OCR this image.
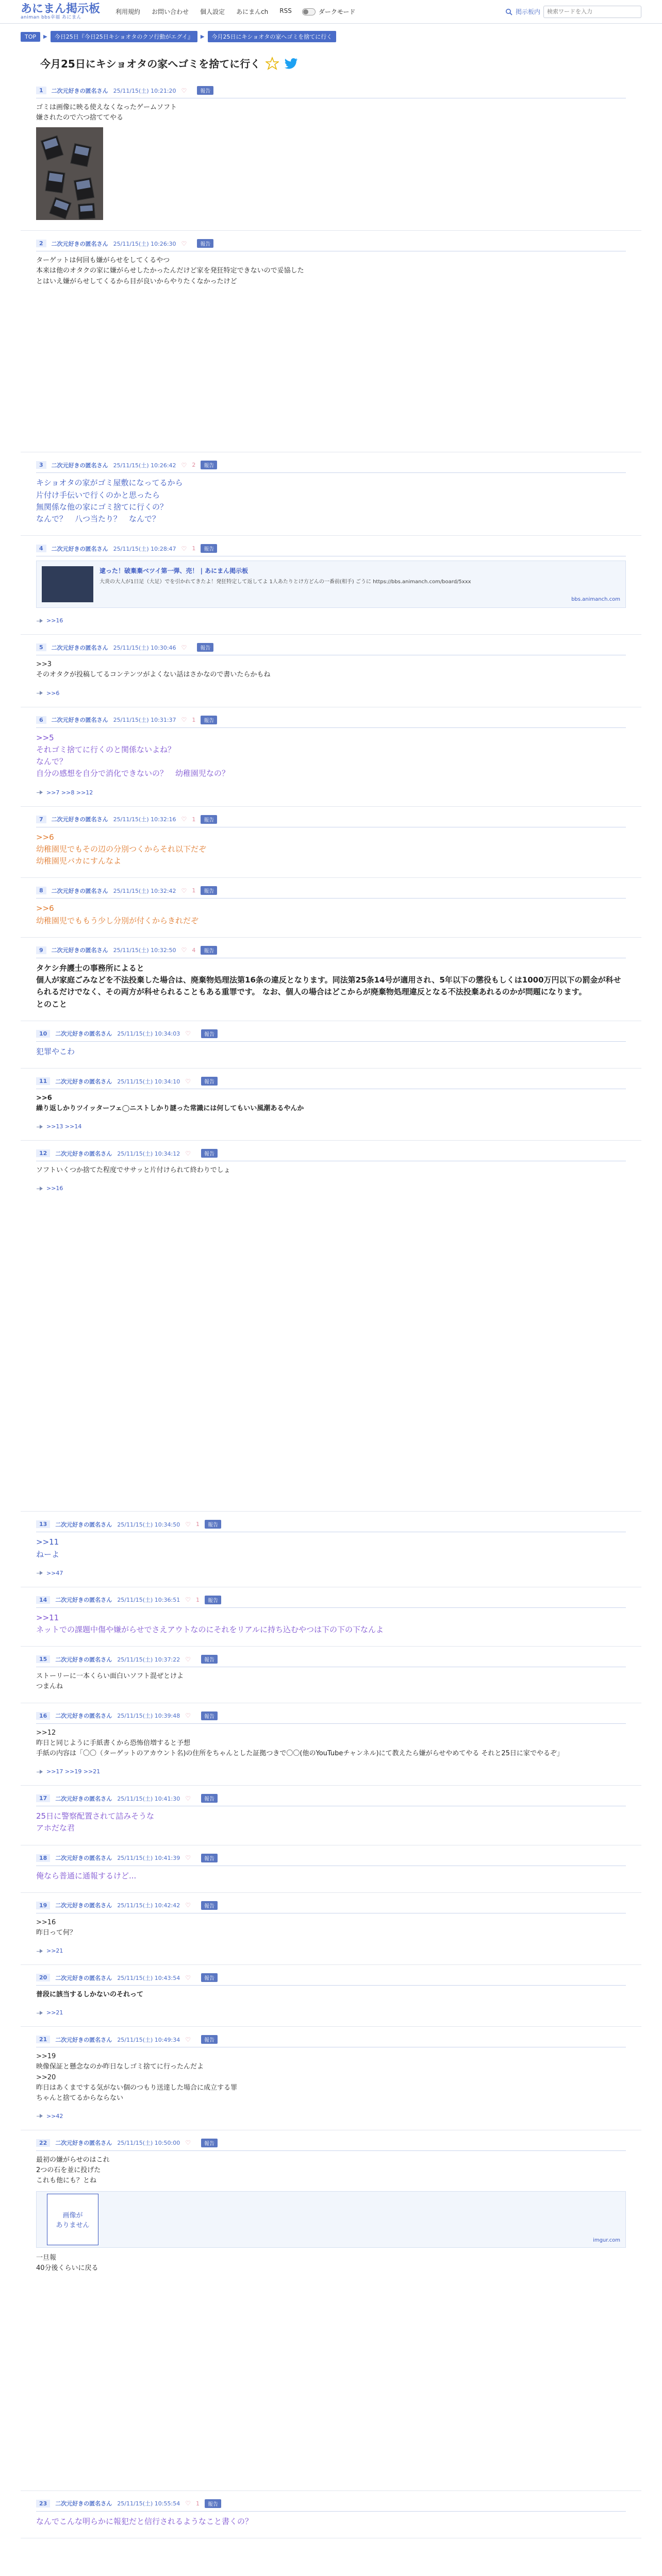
あにまん掲示板
animan bbs幸福 あにまん
利用規約 お問い合わせ 個人設定 あにまんch RSS	ダークモード	掲示板内
検索ワードを入力
TOP	▶	今日25日『今日25日キショオタのクソ行動がエグイ』	▶	今月25日にキショオタの家へゴミを捨てに行く
今月25日にキショオタの家へゴミを捨てに行く
1	二次元好きの匿名さん 25/11/15(土) 10:21:20 ♡	報告
ゴミは画像に映る使えなくなったゲームソフト
嫌されたので六つ捨ててやる
2	二次元好きの匿名さん 25/11/15(土) 10:26:30 ♡	報告
ターゲットは何回も嫌がらせをしてくるやつ
本来は他のオタクの家に嫌がらせしたかったんだけど家を発狂特定できないので妥協した
とはいえ嫌がらせしてくるから目が良いからやりたくなかったけど
3	二次元好きの匿名さん 25/11/15(土) 10:26:42 ♡ 2	報告
キショオタの家がゴミ屋敷になってるから
片付け手伝いで行くのかと思ったら
無関係な他の家にゴミ捨てに行くの？
なんで？　八つ当たり？　なんで？
4	二次元好きの匿名さん 25/11/15(土) 10:28:47 ♡ 1	報告
逮った！破棄棄ベツイ第一弾、売！ | あにまん掲示板
大炎の大人が1日足（大足）でを引かれてきたよ！発狂特定して返してよ 1人あたりとけ方どんの一番前(相手) ごうに https://bbs.animanch.com/board/5xxx
bbs.animanch.com
>>16
5	二次元好きの匿名さん 25/11/15(土) 10:30:46 ♡	報告
>>3
そのオタクが投稿してるコンテンツがよくない話はさかなので書いたらかもね
>>6
6	二次元好きの匿名さん 25/11/15(土) 10:31:37 ♡ 1	報告
>>5
それゴミ捨てに行くのと関係ないよね？
なんで？
自分の感想を自分で消化できないの？　幼稚園児なの？
>>7 >>8 >>12
7	二次元好きの匿名さん 25/11/15(土) 10:32:16 ♡ 1	報告
>>6
幼稚園児でもその辺の分別つくからそれ以下だぞ
幼稚園児バカにすんなよ
8	二次元好きの匿名さん 25/11/15(土) 10:32:42 ♡ 1	報告
>>6
幼稚園児でももう少し分別が付くからきれだぞ
9	二次元好きの匿名さん 25/11/15(土) 10:32:50 ♡ 4	報告
タケシ弁護士の事務所によると
個人が家庭ごみなどを不法投棄した場合は、廃棄物処理法第16条の違反となります。同法第25条14号が適用され、5年以下の懲役もしくは1000万円以下の罰金が科せられるだけでなく、その両方が科せられることもある重罪です。 なお、個人の場合はどこからが廃棄物処理違反となる不法投棄あれるのかが問題になります。
とのこと
10	二次元好きの匿名さん 25/11/15(土) 10:34:03 ♡	報告
犯罪やこわ
11	二次元好きの匿名さん 25/11/15(土) 10:34:10 ♡	報告
>>6
繰り返しかりツイッターフェ◯ニストしかり謎った常識には何してもいい風潮あるやんか
>>13 >>14
12	二次元好きの匿名さん 25/11/15(土) 10:34:12 ♡	報告
ソフトいくつか捨てた程度でササッと片付けられて終わりでしょ
>>16
13	二次元好きの匿名さん 25/11/15(土) 10:34:50 ♡ 1	報告
>>11
ねーよ
>>47
14	二次元好きの匿名さん 25/11/15(土) 10:36:51 ♡ 1	報告
>>11
ネットでの課題中傷や嫌がらせでさえアウトなのにそれをリアルに持ち込むやつは下の下の下なんよ
15	二次元好きの匿名さん 25/11/15(土) 10:37:22 ♡	報告
ストーリーに一本くらい面白いソフト混ぜとけよ
つまんね
16	二次元好きの匿名さん 25/11/15(土) 10:39:48 ♡	報告
>>12
昨日と同じように手紙書くから恐怖倍増すると予想
手紙の内容は「〇〇（ターゲットのアカウント名)の住所をちゃんとした証拠つきで〇〇(他のYouTubeチャンネル)にて教えたら嫌がらせやめてやる それと25日に家でやるぞ」
>>17 >>19 >>21
17	二次元好きの匿名さん 25/11/15(土) 10:41:30 ♡	報告
25日に警察配置されて詰みそうな
アホだな君
18	二次元好きの匿名さん 25/11/15(土) 10:41:39 ♡	報告
俺なら普通に通報するけど...
19	二次元好きの匿名さん 25/11/15(土) 10:42:42 ♡	報告
>>16
昨日って何？
>>21
20	二次元好きの匿名さん 25/11/15(土) 10:43:54 ♡	報告
普段に該当するしかないのそれって
>>21
21	二次元好きの匿名さん 25/11/15(土) 10:49:34 ♡	報告
>>19
映像保証と懸念なのか昨日なしゴミ捨てに行ったんだよ
>>20
昨日はあくまでする気がない個のつもり送達した場合に成立する罪
ちゃんと捨てるからならない
>>42
22	二次元好きの匿名さん 25/11/15(土) 10:50:00 ♡	報告
最初の嫌がらせのはこれ
2つの石を並に投げた
これも他にも？とね
画像が
ありません
imgur.com
一旦報
40分後くらいに戻る
23	二次元好きの匿名さん 25/11/15(土) 10:55:54 ♡ 1	報告
なんでこんな明らかに報犯だと信行されるようなこと書くの？
